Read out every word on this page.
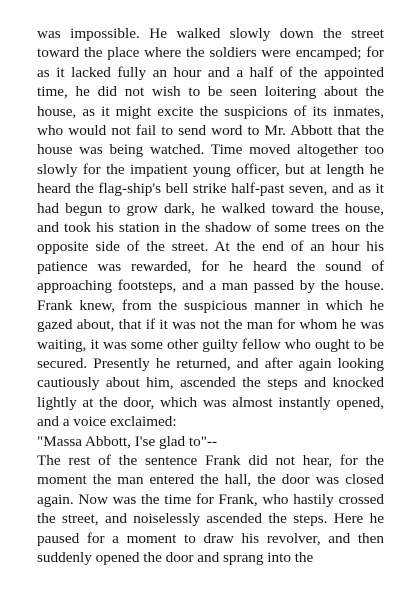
was impossible. He walked slowly down the street toward the place where the soldiers were encamped; for as it lacked fully an hour and a half of the appointed time, he did not wish to be seen loitering about the house, as it might excite the suspicions of its inmates, who would not fail to send word to Mr. Abbott that the house was being watched. Time moved altogether too slowly for the impatient young officer, but at length he heard the flag-ship's bell strike half-past seven, and as it had begun to grow dark, he walked toward the house, and took his station in the shadow of some trees on the opposite side of the street. At the end of an hour his patience was rewarded, for he heard the sound of approaching footsteps, and a man passed by the house. Frank knew, from the suspicious manner in which he gazed about, that if it was not the man for whom he was waiting, it was some other guilty fellow who ought to be secured. Presently he returned, and after again looking cautiously about him, ascended the steps and knocked lightly at the door, which was almost instantly opened, and a voice exclaimed:

"Massa Abbott, I'se glad to"--

The rest of the sentence Frank did not hear, for the moment the man entered the hall, the door was closed again. Now was the time for Frank, who hastily crossed the street, and noiselessly ascended the steps. Here he paused for a moment to draw his revolver, and then suddenly opened the door and sprang into the
